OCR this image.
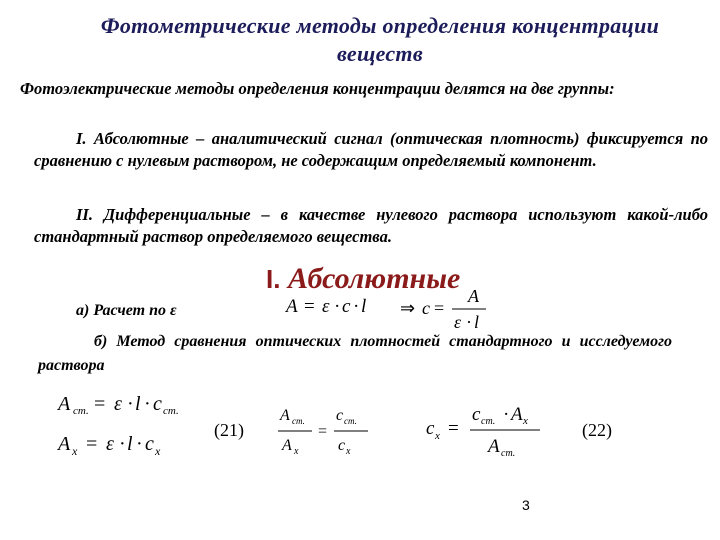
Фотометрические методы определения концентрации веществ
Фотоэлектрические методы определения концентрации делятся на две группы:
I. Абсолютные – аналитический сигнал (оптическая плотность) фиксируется по сравнению с нулевым раствором, не содержащим определяемый компонент.
II. Дифференциальные – в качестве нулевого раствора используют какой-либо стандартный раствор определяемого вещества.
I. Абсолютные
а) Расчет по ε	A = ε · c · l ⇒ c = A ε · l
б) Метод сравнения оптических плотностей стандартного и исследуемого раствора
A ст. = ε · l · c ст.
A x = ε · l · c x
(21)
A ст. A x = c ст. c x
c x = c ст. · A x A ст.
(22)
3
